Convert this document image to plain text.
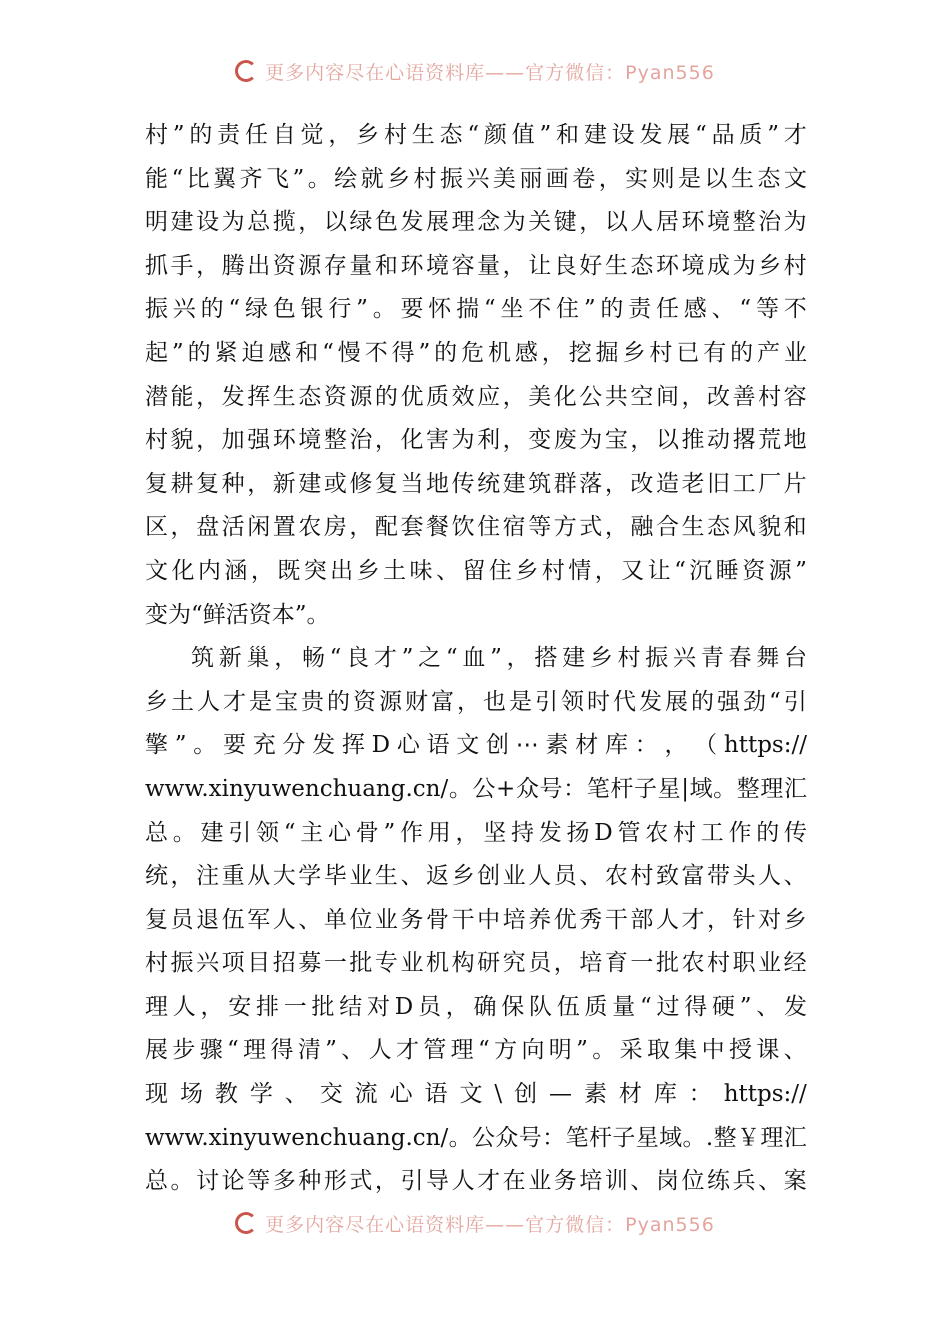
更多内容尽在心语资料库——官方微信：Pyan556
村 ” 的 责 任 自 觉 ， 乡 村 生 态 “ 颜 值 ” 和 建 设 发 展 “ 品 质 ” 才
能 “ 比 翼 齐 飞 ” 。 绘 就 乡 村 振 兴 美 丽 画 卷 ， 实 则 是 以 生 态 文
明 建 设 为 总 揽 ， 以 绿 色 发 展 理 念 为 关 键 ， 以 人 居 环 境 整 治 为
抓 手 ， 腾 出 资 源 存 量 和 环 境 容 量 ， 让 良 好 生 态 环 境 成 为 乡 村
振 兴 的 “ 绿 色 银 行 ” 。 要 怀 揣 “ 坐 不 住 ” 的 责 任 感 、 “ 等 不
起 ” 的 紧 迫 感 和 “ 慢 不 得 ” 的 危 机 感 ， 挖 掘 乡 村 已 有 的 产 业
潜 能 ， 发 挥 生 态 资 源 的 优 质 效 应 ， 美 化 公 共 空 间 ， 改 善 村 容
村 貌 ， 加 强 环 境 整 治 ， 化 害 为 利 ， 变 废 为 宝 ， 以 推 动 撂 荒 地
复 耕 复 种 ， 新 建 或 修 复 当 地 传 统 建 筑 群 落 ， 改 造 老 旧 工 厂 片
区 ， 盘 活 闲 置 农 房 ， 配 套 餐 饮 住 宿 等 方 式 ， 融 合 生 态 风 貌 和
文 化 内 涵 ， 既 突 出 乡 土 味 、 留 住 乡 村 情 ， 又 让 “ 沉 睡 资 源 ”
变 为 “ 鲜 活 资 本 ” 。
筑 新 巢 ， 畅 “ 良 才 ” 之 “ 血 ” ， 搭 建 乡 村 振 兴 青 春 舞 台
乡 土 人 才 是 宝 贵 的 资 源 财 富 ， 也 是 引 领 时 代 发 展 的 强 劲 “ 引
擎 ” 。 要 充 分 发 挥 D 心 语 文 创 ⋯ 素 材 库 ： ， （ https://
www.xinyuwenchuang.cn/ 。 公 + 众 号 ： 笔 杆 子 星 | 域 。 整 理 汇
总 。 建 引 领 “ 主 心 骨 ” 作 用 ， 坚 持 发 扬 D 管 农 村 工 作 的 传
统 ， 注 重 从 大 学 毕 业 生 、 返 乡 创 业 人 员 、 农 村 致 富 带 头 人 、
复 员 退 伍 军 人 、 单 位 业 务 骨 干 中 培 养 优 秀 干 部 人 才 ， 针 对 乡
村 振 兴 项 目 招 募 一 批 专 业 机 构 研 究 员 ， 培 育 一 批 农 村 职 业 经
理 人 ， 安 排 一 批 结 对 D 员 ， 确 保 队 伍 质 量 “ 过 得 硬 ” 、 发
展 步 骤 “ 理 得 清 ” 、 人 才 管 理 “ 方 向 明 ” 。 采 取 集 中 授 课 、
现 场 教 学 、 交 流 心 语 文 \ 创 — 素 材 库 ： https://
www.xinyuwenchuang.cn/ 。 公 众 号 ： 笔 杆 子 星 域 。 . 整 ￥ 理 汇
总 。 讨 论 等 多 种 形 式 ， 引 导 人 才 在 业 务 培 训 、 岗 位 练 兵 、 案
更多内容尽在心语资料库——官方微信：Pyan556
